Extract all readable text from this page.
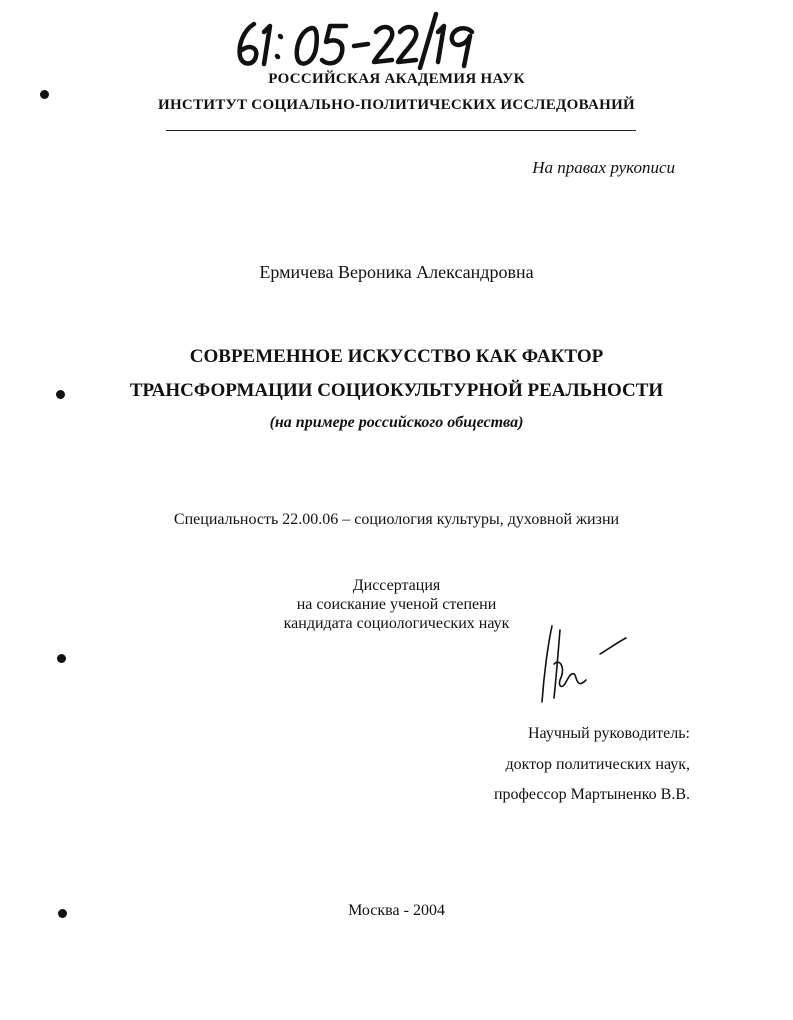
РОССИЙСКАЯ АКАДЕМИЯ НАУК
ИНСТИТУТ СОЦИАЛЬНО-ПОЛИТИЧЕСКИХ ИССЛЕДОВАНИЙ
На правах рукописи
Ермичева Вероника Александровна
СОВРЕМЕННОЕ ИСКУССТВО КАК ФАКТОР
ТРАНСФОРМАЦИИ СОЦИОКУЛЬТУРНОЙ РЕАЛЬНОСТИ
(на примере российского общества)
Специальность 22.00.06 – социология культуры, духовной жизни
Диссертация
на соискание ученой степени
кандидата социологических наук
Научный руководитель:
доктор политических наук,
профессор Мартыненко В.В.
Москва - 2004
